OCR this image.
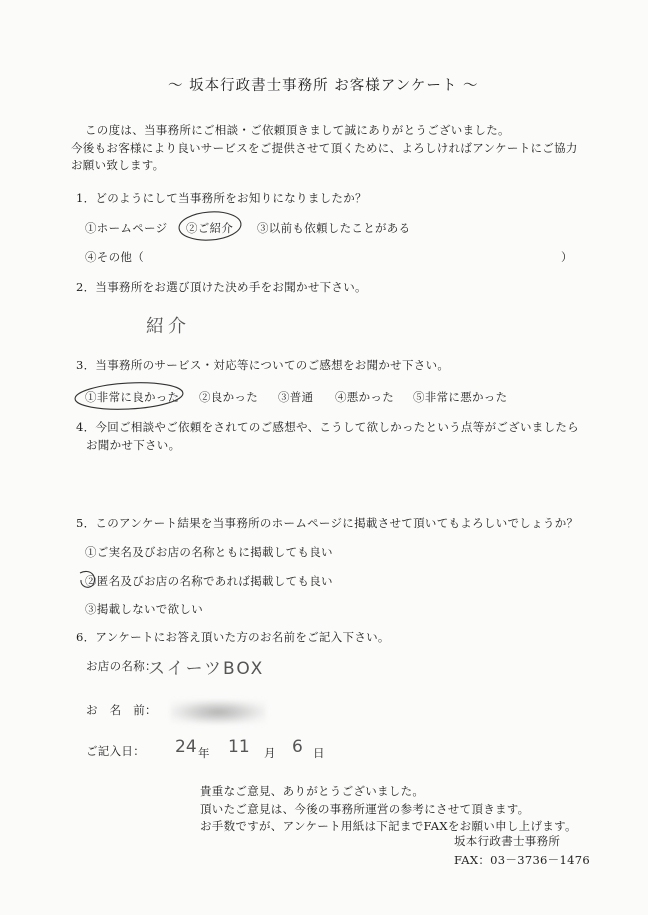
～ 坂本行政書士事務所 お客様アンケート ～
この度は、当事務所にご相談・ご依頼頂きまして誠にありがとうございました。
今後もお客様により良いサービスをご提供させて頂くために、よろしければアンケートにご協力
お願い致します。
1．どのようにして当事務所をお知りになりましたか？
①ホームページ ②ご紹介 ③以前も依頼したことがある
④その他（	）
2．当事務所をお選び頂けた決め手をお聞かせ下さい。
紹介
3．当事務所のサービス・対応等についてのご感想をお聞かせ下さい。
①非常に良かった ②良かった ③普通 ④悪かった ⑤非常に悪かった
4．今回ご相談やご依頼をされてのご感想や、こうして欲しかったという点等がございましたら
お聞かせ下さい。
5．このアンケート結果を当事務所のホームページに掲載させて頂いてもよろしいでしょうか？
①ご実名及びお店の名称ともに掲載しても良い
②匿名及びお店の名称であれば掲載しても良い
③掲載しないで欲しい
6．アンケートにお答え頂いた方のお名前をご記入下さい。
お店の名称：
スイーツBOX
お　名　前：
ご記入日： 24 年 11 月 6 日
貴重なご意見、ありがとうございました。
頂いたご意見は、今後の事務所運営の参考にさせて頂きます。
お手数ですが、アンケート用紙は下記までFAXをお願い申し上げます。
坂本行政書士事務所
FAX：03－3736－1476
